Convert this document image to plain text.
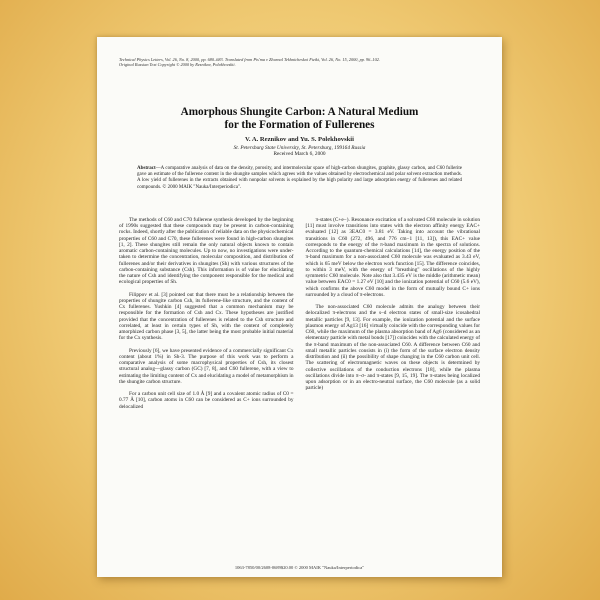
Technical Physics Letters, Vol. 26, No. 8, 2000, pp. 680–683. Translated from Pis'ma v Zhurnal Tekhnicheskoi Fiziki, Vol. 26, No. 15, 2000, pp. 96–102.
Original Russian Text Copyright © 2000 by Reznikov, Polekhovskii.
Amorphous Shungite Carbon: A Natural Medium
for the Formation of Fullerenes
V. A. Reznikov and Yu. S. Polekhovskii
St. Petersburg State University, St. Petersburg, 199164 Russia
Received March 6, 2000
Abstract—A comparative analysis of data on the density, porosity, and intermolecular space of high-carbon shungites, graphite, glassy carbon, and C60 fullerite gave an estimate of the fullerene content in the shungite samples which agrees with the values obtained by electrochemical and polar solvent extraction methods. A low yield of fullerenes in the extracts obtained with nonpolar solvents is explained by the high polarity and large adsorption energy of fullerenes and related compounds. © 2000 MAIK "Nauka/Interperiodica".

The methods of C60 and C70 fullerene synthesis developed by the beginning of 1990s suggested that these compounds may be present in carbon-containing rocks. Indeed, shortly after the publication of reliable data on the physicochemical properties of C60 and C70, these fullerenes were found in high-carbon shungites [1, 2]. These shungites still remain the only natural objects known to contain aromatic carbon-containing molecules. Up to now, no investigations were under-taken to determine the concentration, molecular composition, and distribution of fullerenes and/or their derivatives in shungites (Sh) with various structures of the carbon-containing substance (Csh). This information is of value for elucidating the nature of Csh and identifying the component responsible for the medical and ecological properties of Sh.

Filippov et al. [3] pointed out that there must be a relationship between the properties of shungite carbon Csh, its fullerene-like structure, and the content of Cx fullerenes. Yushkin [4] suggested that a common mechanism may be responsible for the formation of Csh and Cx. These hypotheses are justified provided that the concentration of fullerenes is related to the Csh structure and correlated, at least in certain types of Sh, with the content of completely amorphized carbon phase [3, 5], the latter being the most probable initial material for the Cx synthesis.

Previously [6], we have presented evidence of a commercially significant Cx content (about 1%) in Sh-3. The purpose of this work was to perform a comparative analysis of some macrophysical properties of Csh, its closest structural analog—glassy carbon (GC) [7, 8], and C60 fullerene, with a view to estimating the limiting content of Cx and elucidating a model of metamorphism in the shungite carbon structure.

For a carbon unit cell size of 1.0 Å [9] and a covalent atomic radius of C0 = 0.77 Å [10], carbon atoms in C60 can be considered as C+ ions surrounded by delocalized

π-states (C+e−). Resonance excitation of a solvated C60 molecule in solution [11] must involve transitions into states with the electron affinity energy EAC+ evaluated [12] as 3EAC0 = 3.81 eV. Taking into account the vibrational transitions in C60 (272, 496, and 776 cm−1 [11, 13]), this EAC+ value corresponds to the energy of the π-band maximum in the spectra of solutions. According to the quantum-chemical calculations [14], the energy position of the π-band maximum for a non-associated C60 molecule was evaluated as 3.43 eV, which is 65 meV below the electron work function [15]. The difference coincides, to within 3 meV, with the energy of "breathing" oscillations of the highly symmetric C60 molecule. Note also that 3.435 eV is the middle (arithmetic mean) value between EAC0 = 1.27 eV [10] and the ionization potential of C60 (5.6 eV), which confirms the above C60 model in the form of mutually bound C+ ions surrounded by a cloud of π-electrons.

The non-associated C60 molecule admits the analogy between their delocalized π-electrons and the s–d electron states of small-size icosahedral metallic particles [9, 13]. For example, the ionization potential and the surface plasmon energy of Ag13 [16] virtually coincide with the corresponding values for C60, while the maximum of the plasma absorption band of Ag6 (considered as an elementary particle with metal bonds [17]) coincides with the calculated energy of the π-band maximum of the non-associated C60. A difference between C60 and small metallic particles consists in (i) the form of the surface electron density distribution and (ii) the possibility of shape changing in the C60 carbon unit cell. The scattering of electromagnetic waves on these objects is determined by collective oscillations of the conduction electrons [18], while the plasma oscillations divide into π–σ- and π-states [9, 15, 19]. The π-states being localized upon adsorption or in an electro-neutral surface, the C60 molecule (as a solid particle)

1063-7850/00/2608-0689$20.00 © 2000 MAIK "Nauka/Interperiodica"
